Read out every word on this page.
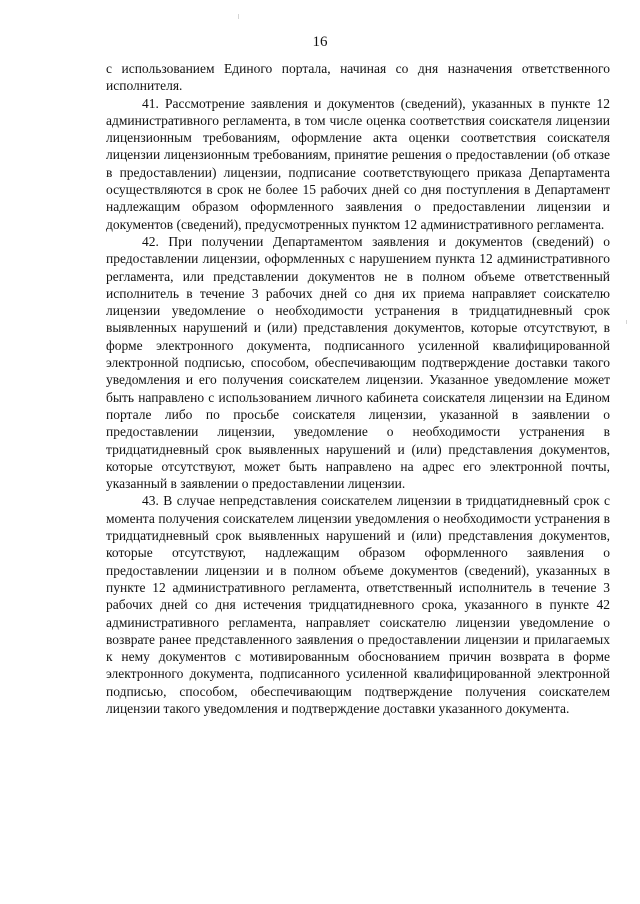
16

с использованием Единого портала, начиная со дня назначения ответственного исполнителя.

41. Рассмотрение заявления и документов (сведений), указанных в пункте 12 административного регламента, в том числе оценка соответствия соискателя лицензии лицензионным требованиям, оформление акта оценки соответствия соискателя лицензии лицензионным требованиям, принятие решения о предоставлении (об отказе в предоставлении) лицензии, подписание соответствующего приказа Департамента осуществляются в срок не более 15 рабочих дней со дня поступления в Департамент надлежащим образом оформленного заявления о предоставлении лицензии и документов (сведений), предусмотренных пунктом 12 административного регламента.

42. При получении Департаментом заявления и документов (сведений) о предоставлении лицензии, оформленных с нарушением пункта 12 административного регламента, или представлении документов не в полном объеме ответственный исполнитель в течение 3 рабочих дней со дня их приема направляет соискателю лицензии уведомление о необходимости устранения в тридцатидневный срок выявленных нарушений и (или) представления документов, которые отсутствуют, в форме электронного документа, подписанного усиленной квалифицированной электронной подписью, способом, обеспечивающим подтверждение доставки такого уведомления и его получения соискателем лицензии. Указанное уведомление может быть направлено с использованием личного кабинета соискателя лицензии на Едином портале либо по просьбе соискателя лицензии, указанной в заявлении о предоставлении лицензии, уведомление о необходимости устранения в тридцатидневный срок выявленных нарушений и (или) представления документов, которые отсутствуют, может быть направлено на адрес его электронной почты, указанный в заявлении о предоставлении лицензии.

43. В случае непредставления соискателем лицензии в тридцатидневный срок с момента получения соискателем лицензии уведомления о необходимости устранения в тридцатидневный срок выявленных нарушений и (или) представления документов, которые отсутствуют, надлежащим образом оформленного заявления о предоставлении лицензии и в полном объеме документов (сведений), указанных в пункте 12 административного регламента, ответственный исполнитель в течение 3 рабочих дней со дня истечения тридцатидневного срока, указанного в пункте 42 административного регламента, направляет соискателю лицензии уведомление о возврате ранее представленного заявления о предоставлении лицензии и прилагаемых к нему документов с мотивированным обоснованием причин возврата в форме электронного документа, подписанного усиленной квалифицированной электронной подписью, способом, обеспечивающим подтверждение получения соискателем лицензии такого уведомления и подтверждение доставки указанного документа.
